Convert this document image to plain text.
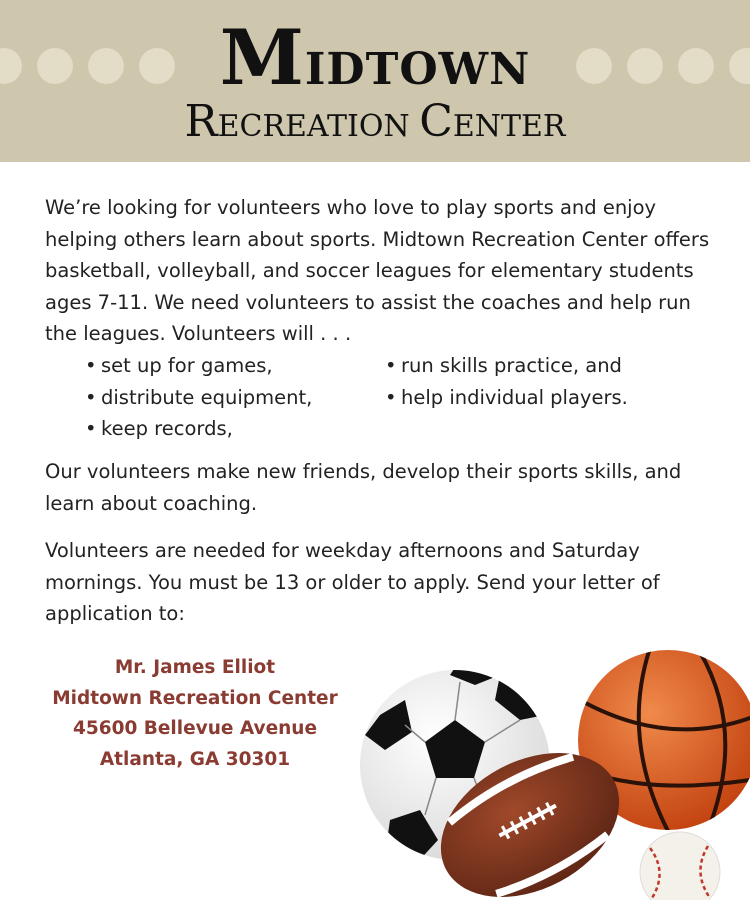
MIDTOWN
RECREATION CENTER
We’re looking for volunteers who love to play sports and enjoy helping others learn about sports. Midtown Recreation Center offers basketball, volleyball, and soccer leagues for elementary students ages 7-11. We need volunteers to assist the coaches and help run the leagues. Volunteers will . . .
• set up for games,
• distribute equipment,
• keep records,
• run skills practice, and
• help individual players.
Our volunteers make new friends, develop their sports skills, and learn about coaching.
Volunteers are needed for weekday afternoons and Saturday mornings. You must be 13 or older to apply. Send your letter of application to:
Mr. James Elliot
Midtown Recreation Center
45600 Bellevue Avenue
Atlanta, GA 30301
